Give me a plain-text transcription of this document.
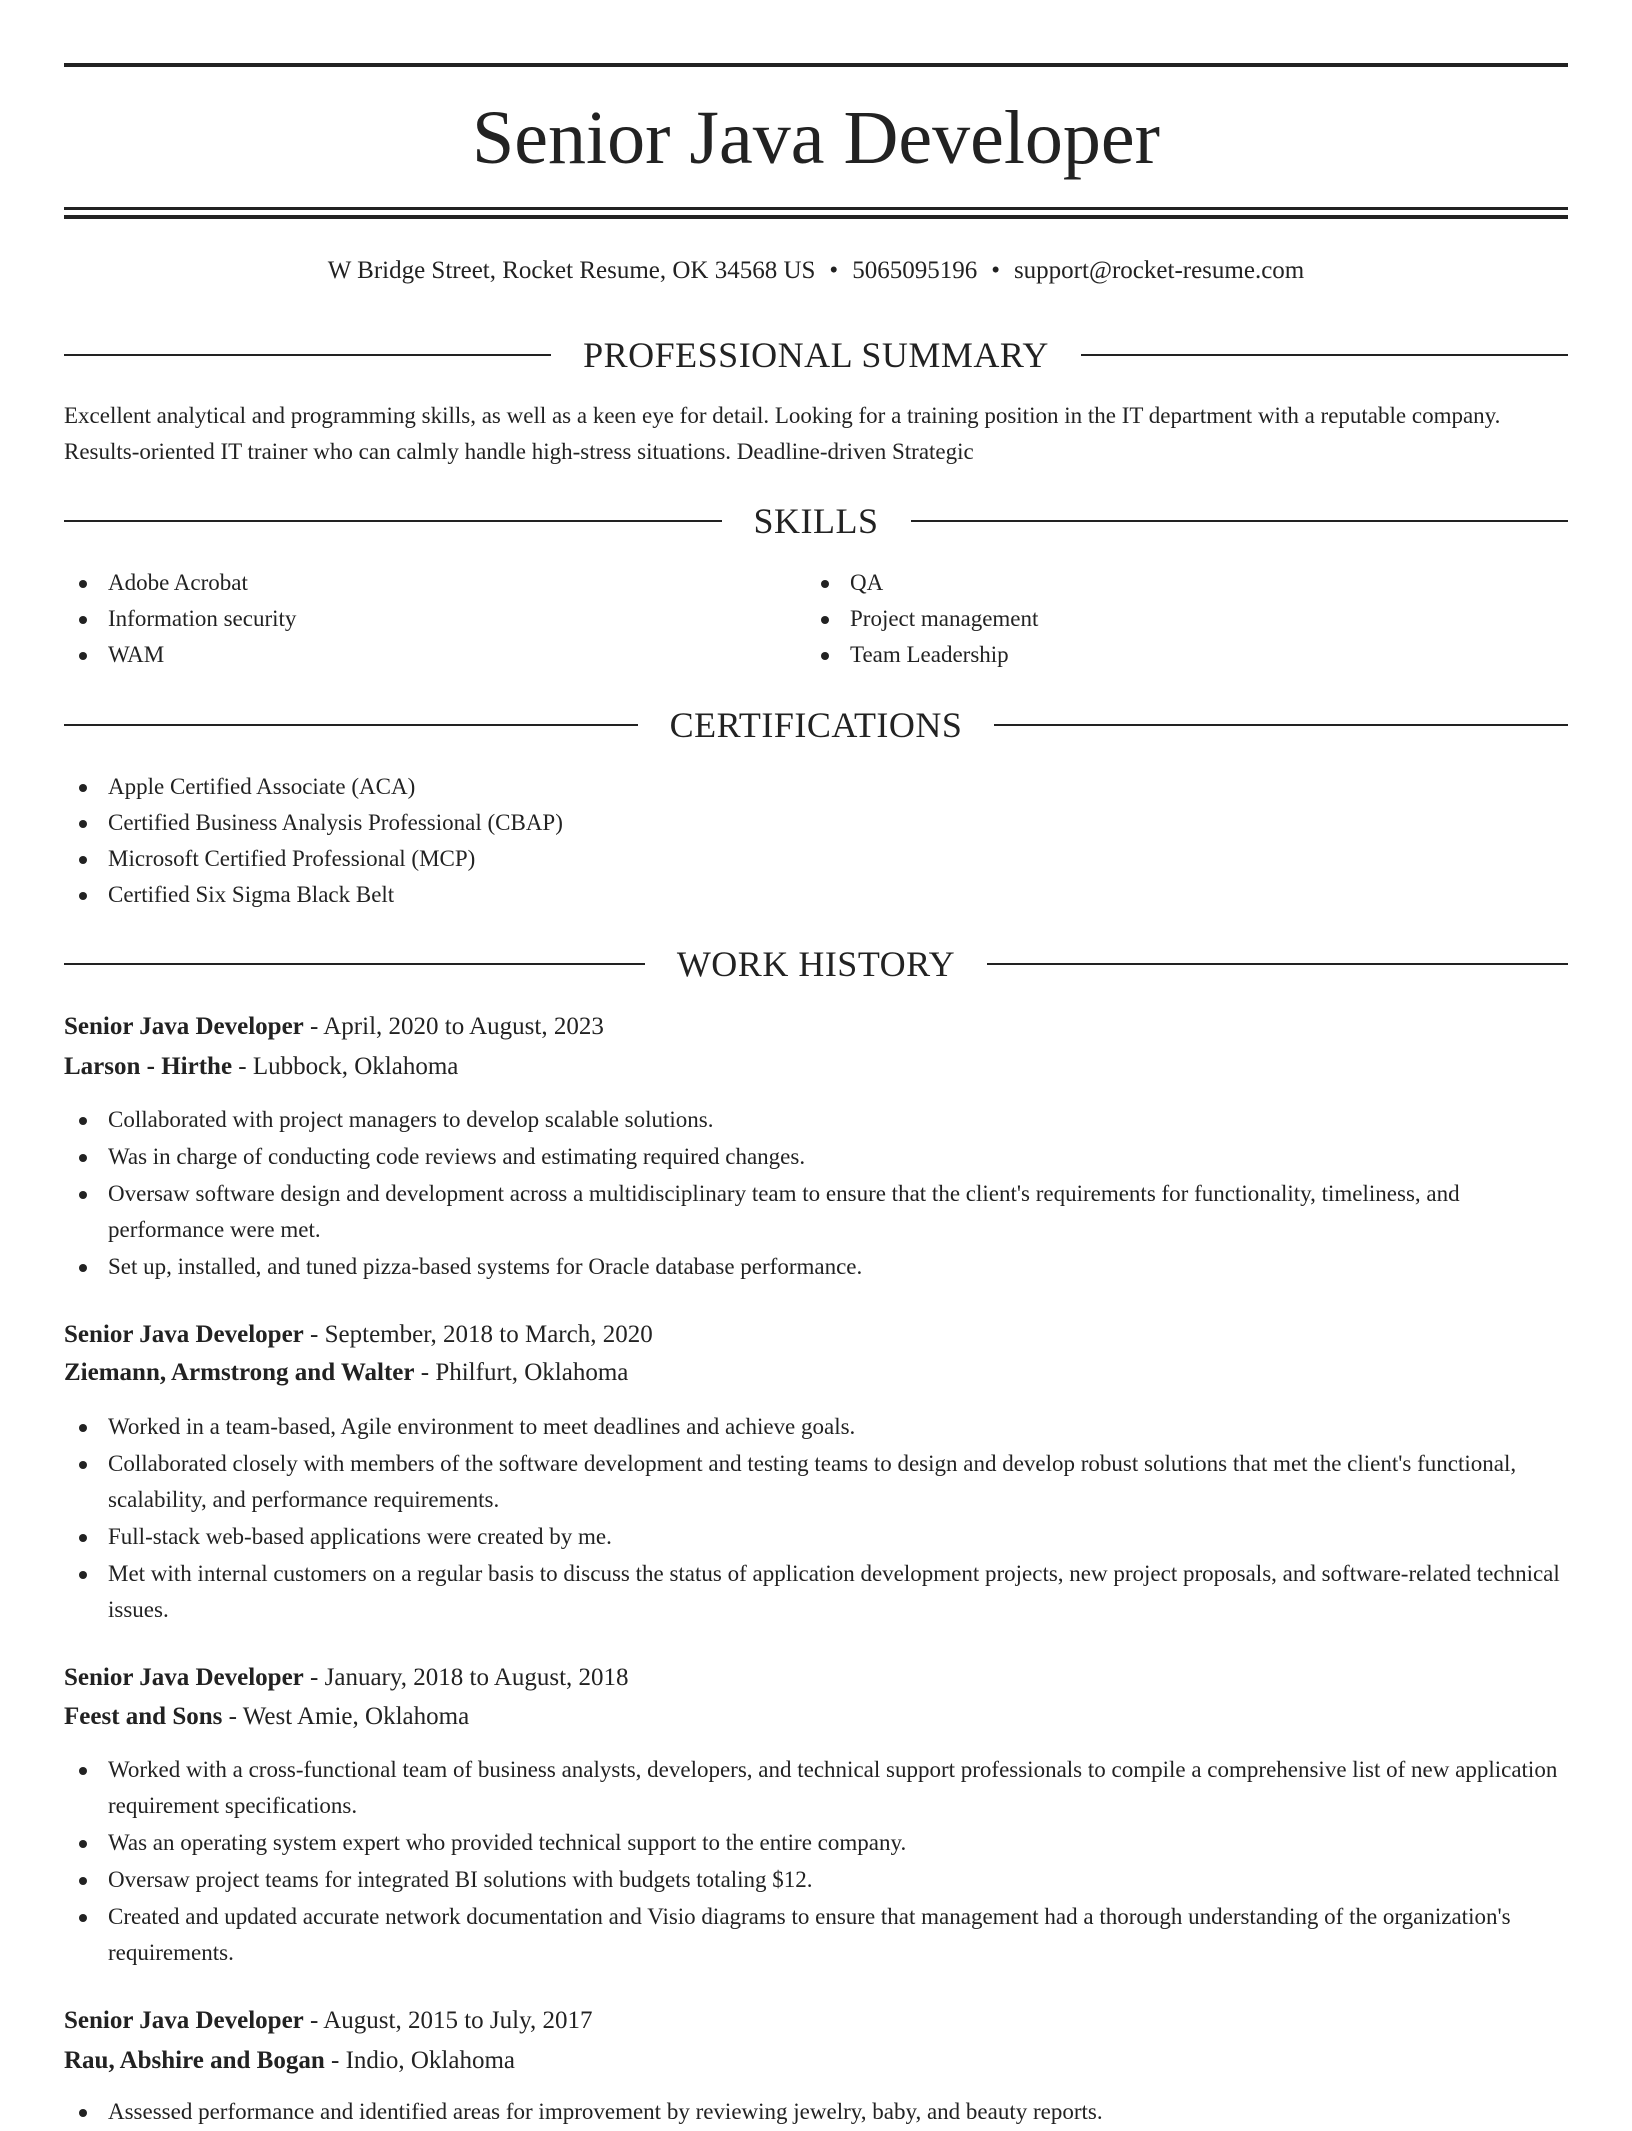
Senior Java Developer
W Bridge Street, Rocket Resume, OK 34568 US • 5065095196 • support@rocket-resume.com
PROFESSIONAL SUMMARY

Excellent analytical and programming skills, as well as a keen eye for detail. Looking for a training position in the IT department with a reputable company. Results-oriented IT trainer who can calmly handle high-stress situations. Deadline-driven Strategic

SKILLS
Adobe Acrobat
Information security
WAM
QA
Project management
Team Leadership
CERTIFICATIONS
Apple Certified Associate (ACA)
Certified Business Analysis Professional (CBAP)
Microsoft Certified Professional (MCP)
Certified Six Sigma Black Belt
WORK HISTORY
Senior Java Developer - April, 2020 to August, 2023
Larson - Hirthe - Lubbock, Oklahoma
Collaborated with project managers to develop scalable solutions.
Was in charge of conducting code reviews and estimating required changes.
Oversaw software design and development across a multidisciplinary team to ensure that the client's requirements for functionality, timeliness, and performance were met.
Set up, installed, and tuned pizza-based systems for Oracle database performance.
Senior Java Developer - September, 2018 to March, 2020
Ziemann, Armstrong and Walter - Philfurt, Oklahoma
Worked in a team-based, Agile environment to meet deadlines and achieve goals.
Collaborated closely with members of the software development and testing teams to design and develop robust solutions that met the client's functional, scalability, and performance requirements.
Full-stack web-based applications were created by me.
Met with internal customers on a regular basis to discuss the status of application development projects, new project proposals, and software-related technical issues.
Senior Java Developer - January, 2018 to August, 2018
Feest and Sons - West Amie, Oklahoma
Worked with a cross-functional team of business analysts, developers, and technical support professionals to compile a comprehensive list of new application requirement specifications.
Was an operating system expert who provided technical support to the entire company.
Oversaw project teams for integrated BI solutions with budgets totaling $12.
Created and updated accurate network documentation and Visio diagrams to ensure that management had a thorough understanding of the organization's requirements.
Senior Java Developer - August, 2015 to July, 2017
Rau, Abshire and Bogan - Indio, Oklahoma
Assessed performance and identified areas for improvement by reviewing jewelry, baby, and beauty reports.
